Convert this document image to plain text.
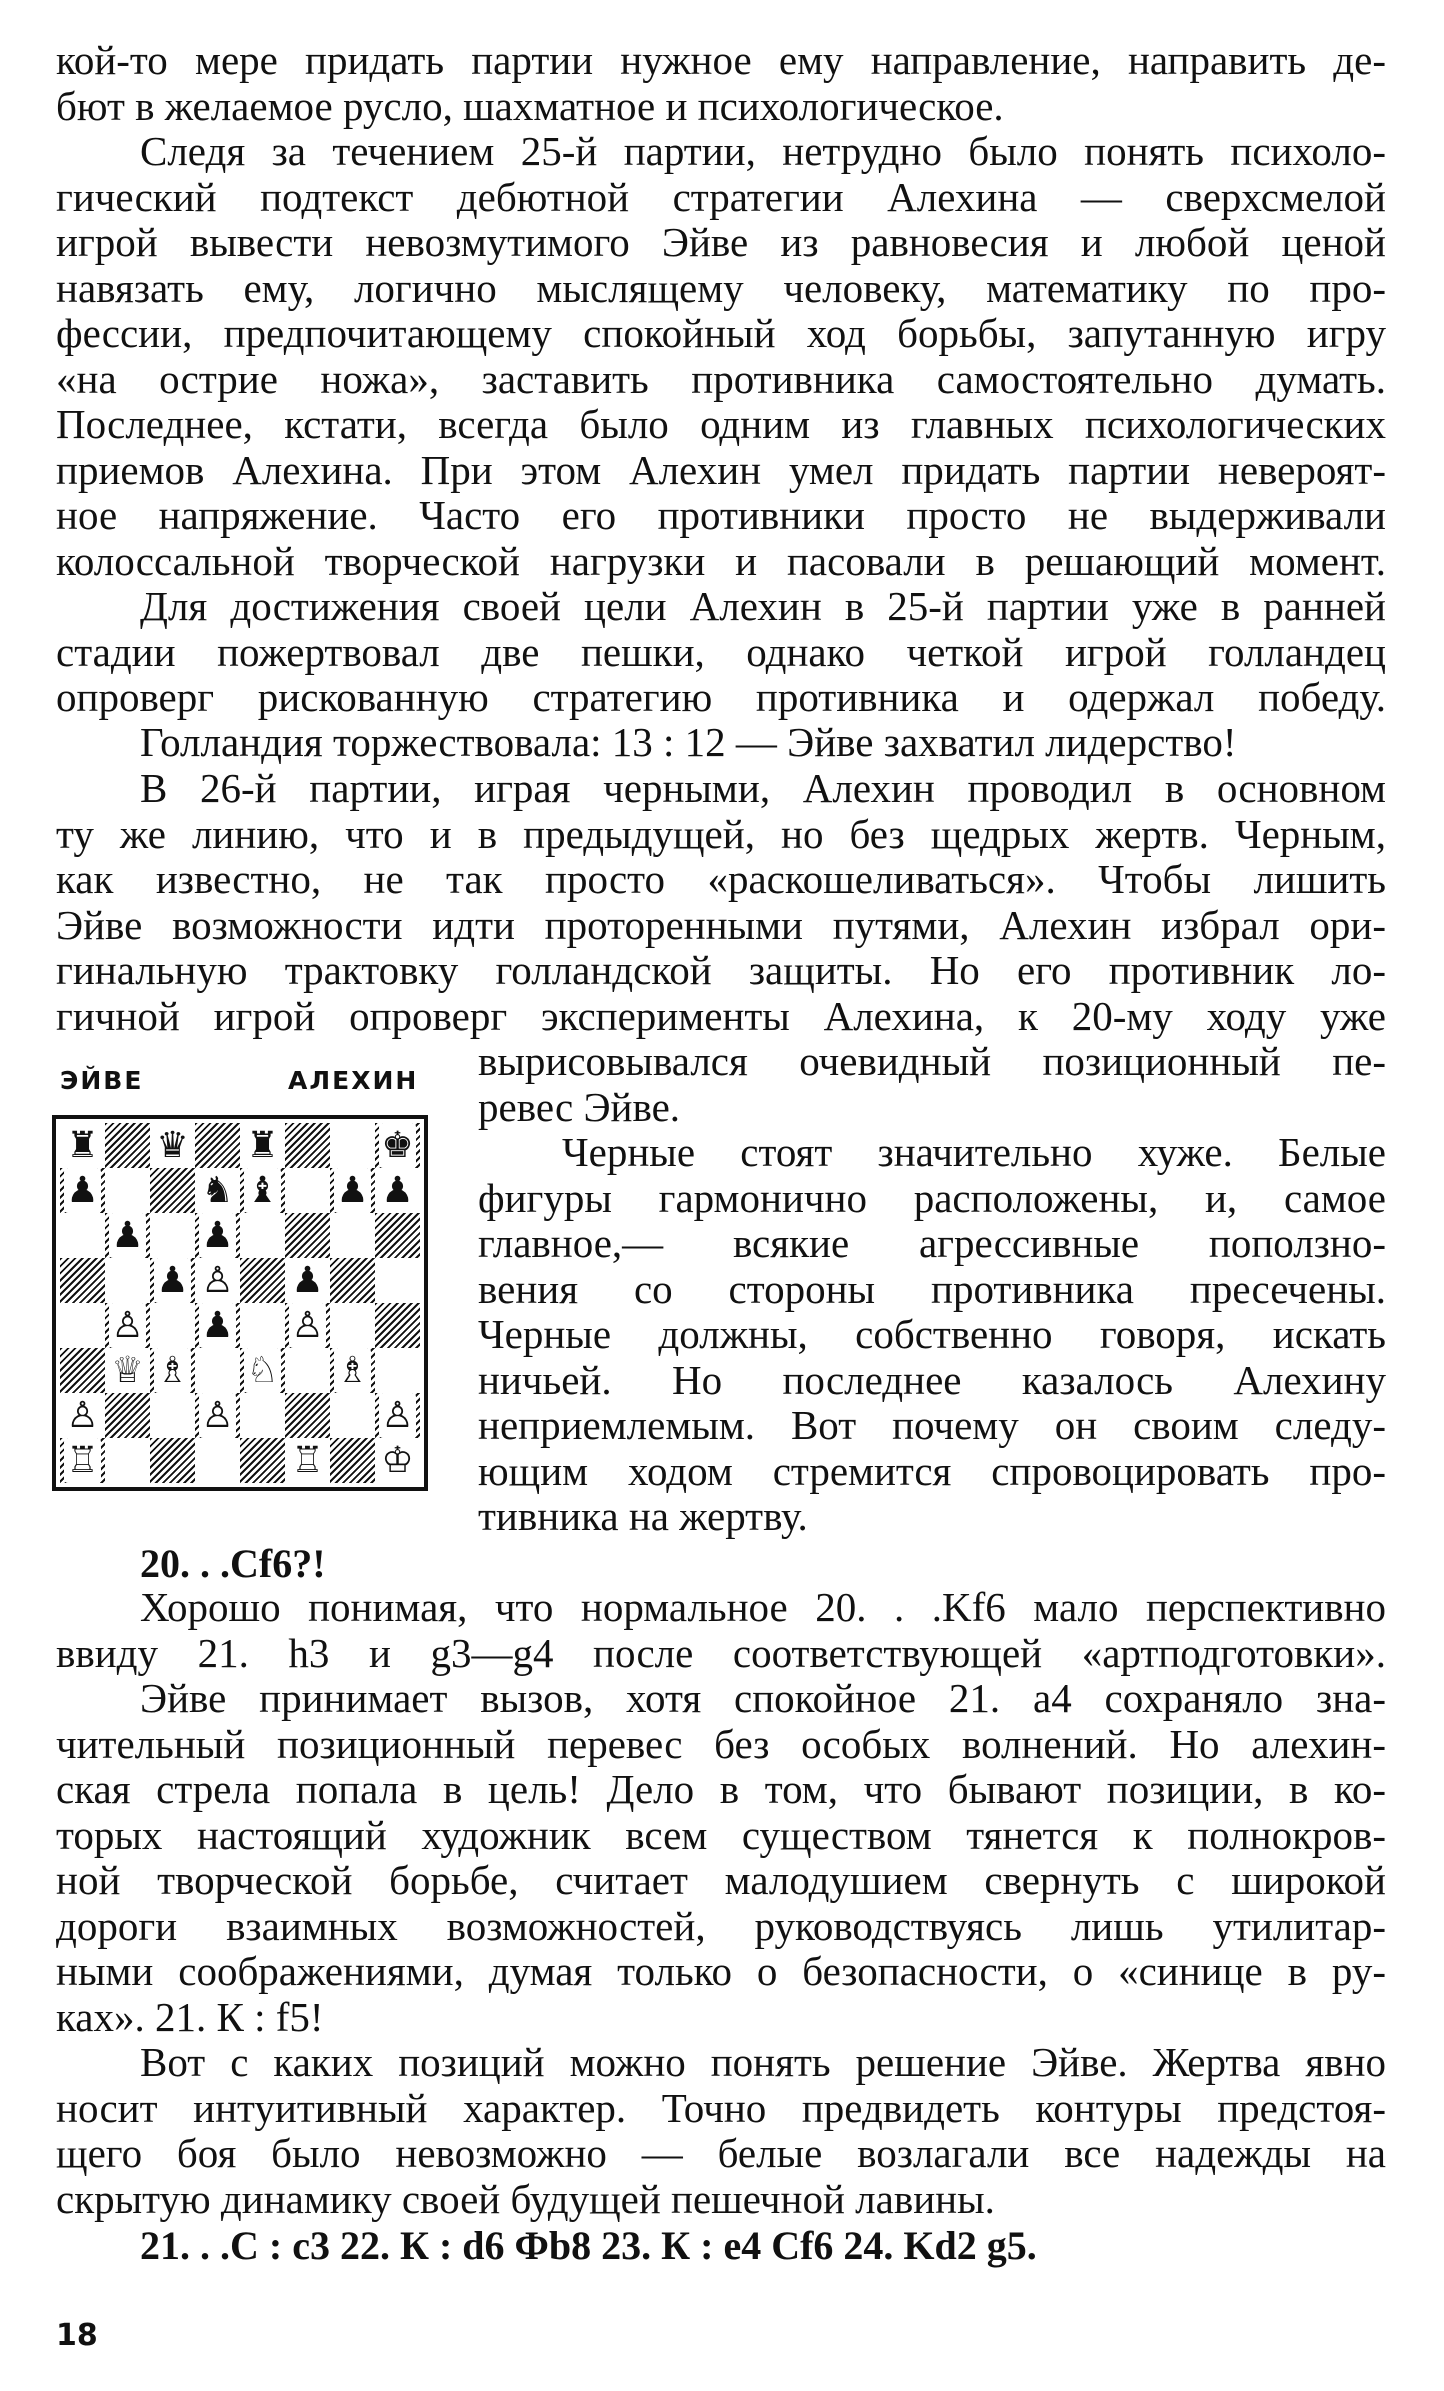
кой-то мере придать партии нужное ему направление, направить де-
бют в желаемое русло, шахматное и психологическое.
Следя за течением 25-й партии, нетрудно было понять психоло-
гический подтекст дебютной стратегии Алехина — сверхсмелой
игрой вывести невозмутимого Эйве из равновесия и любой ценой
навязать ему, логично мыслящему человеку, математику по про-
фессии, предпочитающему спокойный ход борьбы, запутанную игру
«на острие ножа», заставить противника самостоятельно думать.
Последнее, кстати, всегда было одним из главных психологических
приемов Алехина. При этом Алехин умел придать партии невероят-
ное напряжение. Часто его противники просто не выдерживали
колоссальной творческой нагрузки и пасовали в решающий момент.
Для достижения своей цели Алехин в 25-й партии уже в ранней
стадии пожертвовал две пешки, однако четкой игрой голландец
опроверг рискованную стратегию противника и одержал победу.
Голландия торжествовала: 13 : 12 — Эйве захватил лидерство!
В 26-й партии, играя черными, Алехин проводил в основном
ту же линию, что и в предыдущей, но без щедрых жертв. Черным,
как известно, не так просто «раскошеливаться». Чтобы лишить
Эйве возможности идти проторенными путями, Алехин избрал ори-
гинальную трактовку голландской защиты. Но его противник ло-
гичной игрой опроверг эксперименты Алехина, к 20-му ходу уже
ЭЙВЕ	АЛЕХИН
♜ ♛ ♜	♚
♟	♞ ♝ ♟ ♟
♟ ♟
♟ ♙ ♟
♙ ♟ ♙
♕ ♗ ♘ ♗
♙	♙	♙
♖	♖ ♔
вырисовывался очевидный позиционный пе-
ревес Эйве.
Черные стоят значительно хуже. Белые
фигуры гармонично расположены, и, самое
главное,— всякие агрессивные поползно-
вения со стороны противника пресечены.
Черные должны, собственно говоря, искать
ничьей. Но последнее казалось Алехину
неприемлемым. Вот почему он своим следу-
ющим ходом стремится спровоцировать про-
тивника на жертву.
20. . .Сf6?!
Хорошо понимая, что нормальное 20. . .Kf6 мало перспективно
ввиду 21. h3 и g3—g4 после соответствующей «артподготовки».
Эйве принимает вызов, хотя спокойное 21. а4 сохраняло зна-
чительный позиционный перевес без особых волнений. Но алехин-
ская стрела попала в цель! Дело в том, что бывают позиции, в ко-
торых настоящий художник всем существом тянется к полнокров-
ной творческой борьбе, считает малодушием свернуть с широкой
дороги взаимных возможностей, руководствуясь лишь утилитар-
ными соображениями, думая только о безопасности, о «синице в ру-
ках». 21. К : f5!
Вот с каких позиций можно понять решение Эйве. Жертва явно
носит интуитивный характер. Точно предвидеть контуры предстоя-
щего боя было невозможно — белые возлагали все надежды на
скрытую динамику своей будущей пешечной лавины.
21. . .С : с3 22. К : d6 Фb8 23. К : е4 Сf6 24. Kd2 g5.
18
